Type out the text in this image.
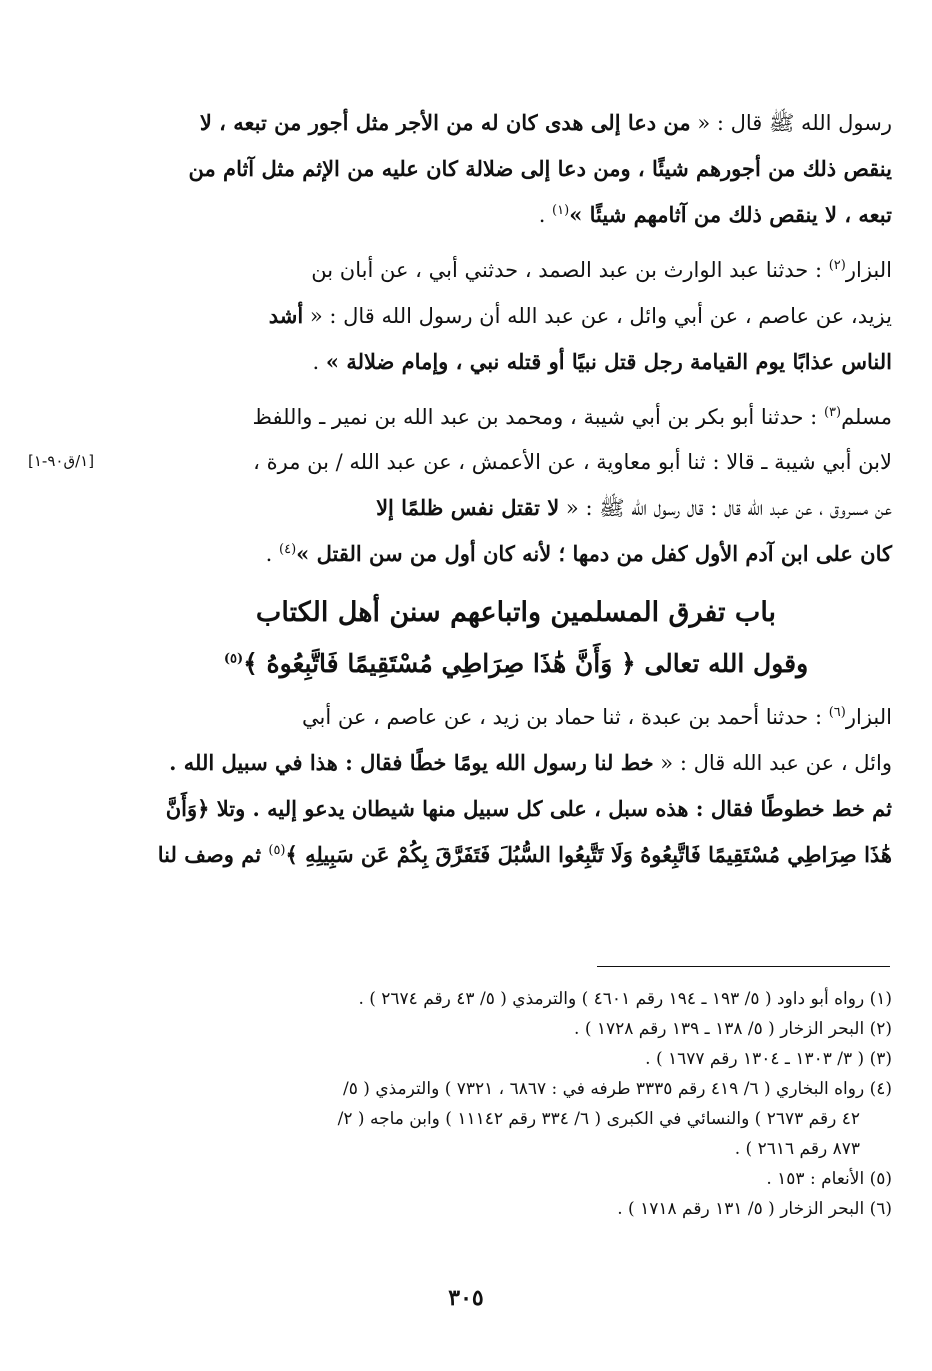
رسول الله ﷺ قال : « من دعا إلى هدى كان له من الأجر مثل أجور من تبعه ، لا

ينقص ذلك من أجورهم شيئًا ، ومن دعا إلى ضلالة كان عليه من الإثم مثل آثام من

تبعه ، لا ينقص ذلك من آثامهم شيئًا »$^{(١)}$ .

البزار$^{(٢)}$ : حدثنا عبد الوارث بن عبد الصمد ، حدثني أبي ، عن أبان بن

يزيد، عن عاصم ، عن أبي وائل ، عن عبد الله أن رسول الله قال : « أشد

الناس عذابًا يوم القيامة رجل قتل نبيًا أو قتله نبي ، وإمام ضلالة » .

مسلم$^{(٣)}$ : حدثنا أبو بكر بن أبي شيبة ، ومحمد بن عبد الله بن نمير ـ واللفظ

لابن أبي شيبة ـ قالا : ثنا أبو معاوية ، عن الأعمش ، عن عبد الله / بن مرة ،

عن مسروق ، عن عبد الله قال : قال رسول الله ﷺ : « لا تقتل نفس ظلمًا إلا

كان على ابن آدم الأول كفل من دمها ؛ لأنه كان أول من سن القتل »$^{(٤)}$ .

باب تفرق المسلمين واتباعهم سنن أهل الكتاب
وقول الله تعالى ﴿ وَأَنَّ هَٰذَا صِرَاطِي مُسْتَقِيمًا فَاتَّبِعُوهُ ﴾$^{(٥)}$

البزار$^{(٦)}$ : حدثنا أحمد بن عبدة ، ثنا حماد بن زيد ، عن عاصم ، عن أبي

وائل ، عن عبد الله قال : « خط لنا رسول الله يومًا خطًا فقال : هذا في سبيل الله .

ثم خط خطوطًا فقال : هذه سبل ، على كل سبيل منها شيطان يدعو إليه . وتلا ﴿وَأَنَّ

هَٰذَا صِرَاطِي مُسْتَقِيمًا فَاتَّبِعُوهُ وَلَا تَتَّبِعُوا السُّبُلَ فَتَفَرَّقَ بِكُمْ عَن سَبِيلِهِ ﴾$^{(٥)}$ ثم وصف لنا

[١/ق٩٠-١]

(١) رواه أبو داود ( ٥/ ١٩٣ ـ ١٩٤ رقم ٤٦٠١ ) والترمذي ( ٥/ ٤٣ رقم ٢٦٧٤ ) .

(٢) البحر الزخار ( ٥/ ١٣٨ ـ ١٣٩ رقم ١٧٢٨ ) .

(٣) ( ٣/ ١٣٠٣ ـ ١٣٠٤ رقم ١٦٧٧ ) .

(٤) رواه البخاري ( ٦/ ٤١٩ رقم ٣٣٣٥ طرفه في : ٦٨٦٧ ، ٧٣٢١ ) والترمذي ( ٥/

٤٢ رقم ٢٦٧٣ ) والنسائي في الكبرى ( ٦/ ٣٣٤ رقم ١١١٤٢ ) وابن ماجه ( ٢/

٨٧٣ رقم ٢٦١٦ ) .

(٥) الأنعام : ١٥٣ .

(٦) البحر الزخار ( ٥/ ١٣١ رقم ١٧١٨ ) .

٣٠٥
